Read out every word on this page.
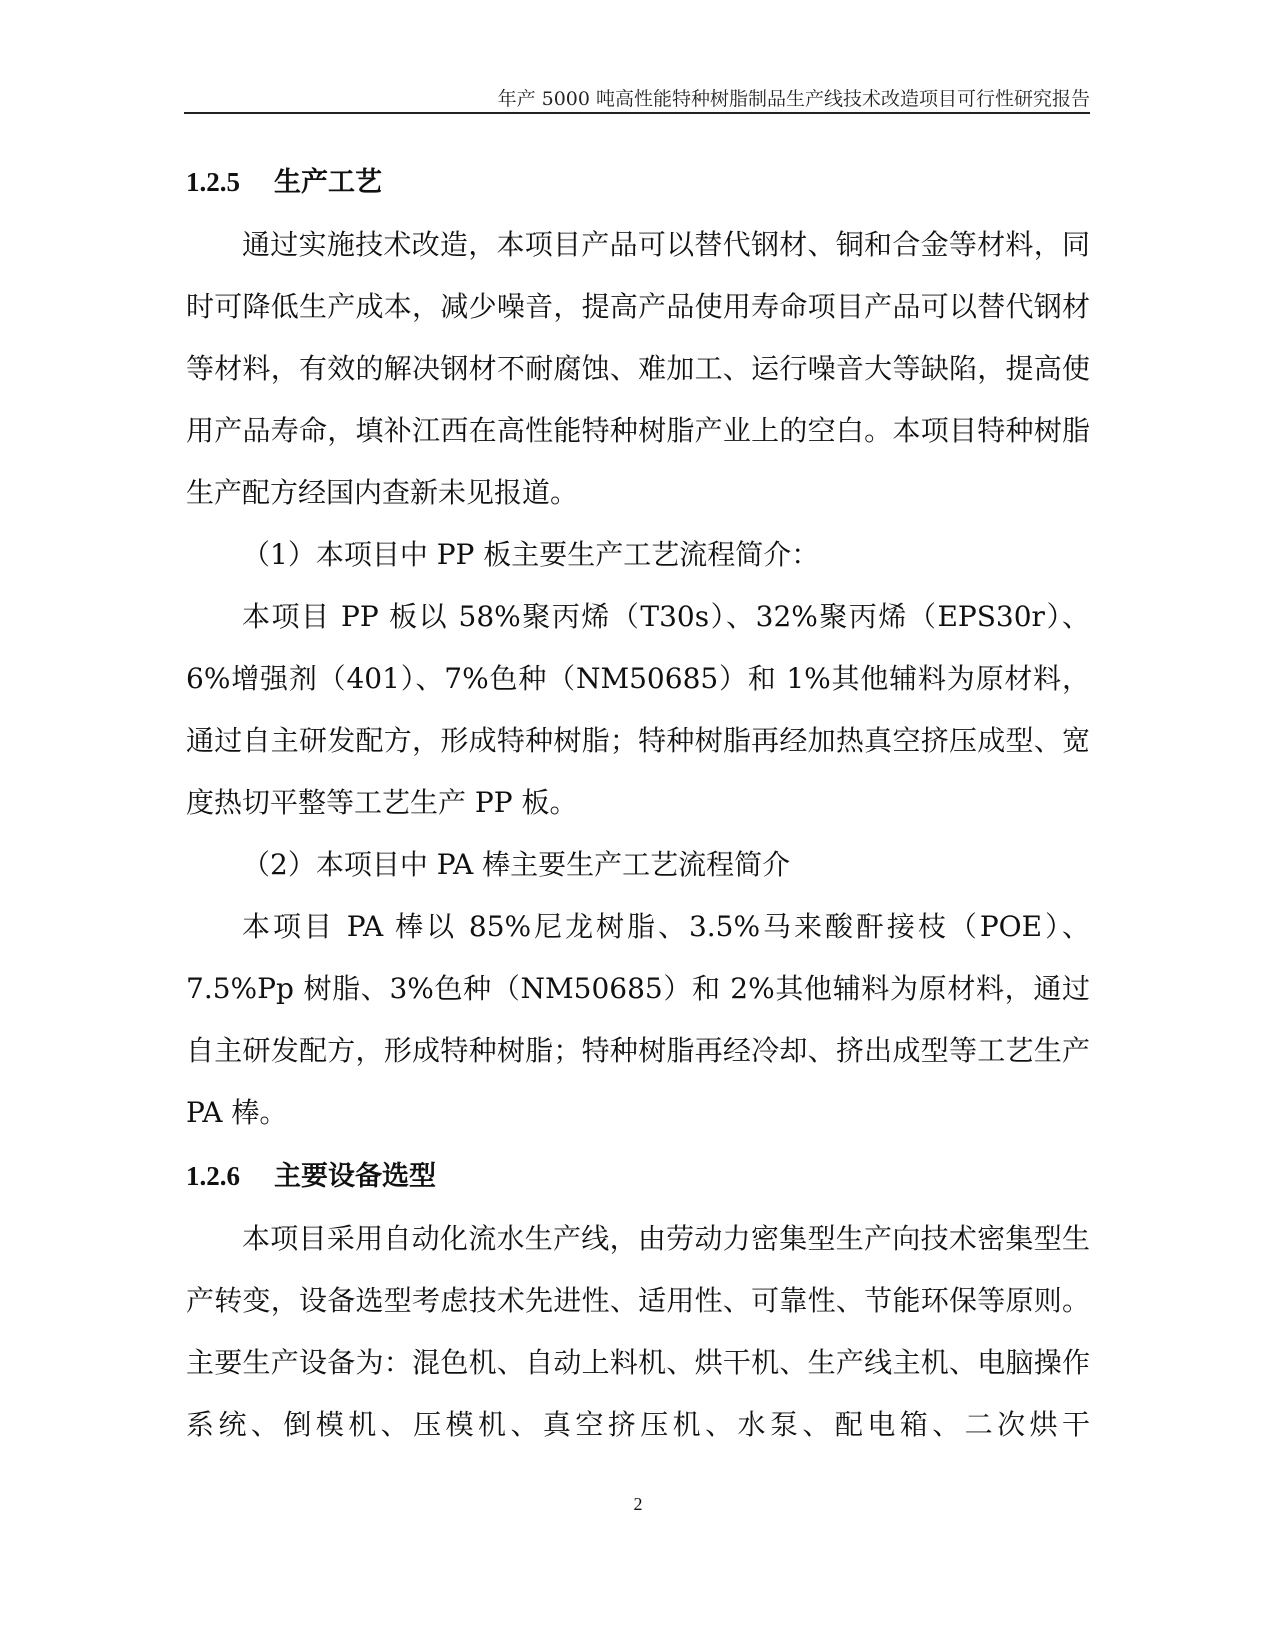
年产 5000 吨高性能特种树脂制品生产线技术改造项目可行性研究报告
1.2.5 生产工艺

通过实施技术改造，本项目产品可以替代钢材、铜和合金等材料，同时可降低生产成本，减少噪音，提高产品使用寿命项目产品可以替代钢材等材料，有效的解决钢材不耐腐蚀、难加工、运行噪音大等缺陷，提高使用产品寿命，填补江西在高性能特种树脂产业上的空白。本项目特种树脂生产配方经国内查新未见报道。

（1）本项目中 PP 板主要生产工艺流程简介：

本项目 PP 板以 58%聚丙烯（T30s）、32%聚丙烯（EPS30r）、6%增强剂（401）、7%色种（NM50685）和 1%其他辅料为原材料，通过自主研发配方，形成特种树脂；特种树脂再经加热真空挤压成型、宽度热切平整等工艺生产 PP 板。

（2）本项目中 PA 棒主要生产工艺流程简介

本项目 PA 棒以 85%尼龙树脂、3.5%马来酸酐接枝（POE）、7.5%Pp 树脂、3%色种（NM50685）和 2%其他辅料为原材料，通过自主研发配方，形成特种树脂；特种树脂再经冷却、挤出成型等工艺生产 PA 棒。

1.2.6 主要设备选型

本项目采用自动化流水生产线，由劳动力密集型生产向技术密集型生产转变，设备选型考虑技术先进性、适用性、可靠性、节能环保等原则。主要生产设备为：混色机、自动上料机、烘干机、生产线主机、电脑操作系统、倒模机、压模机、真空挤压机、水泵、配电箱、二次烘干

2
